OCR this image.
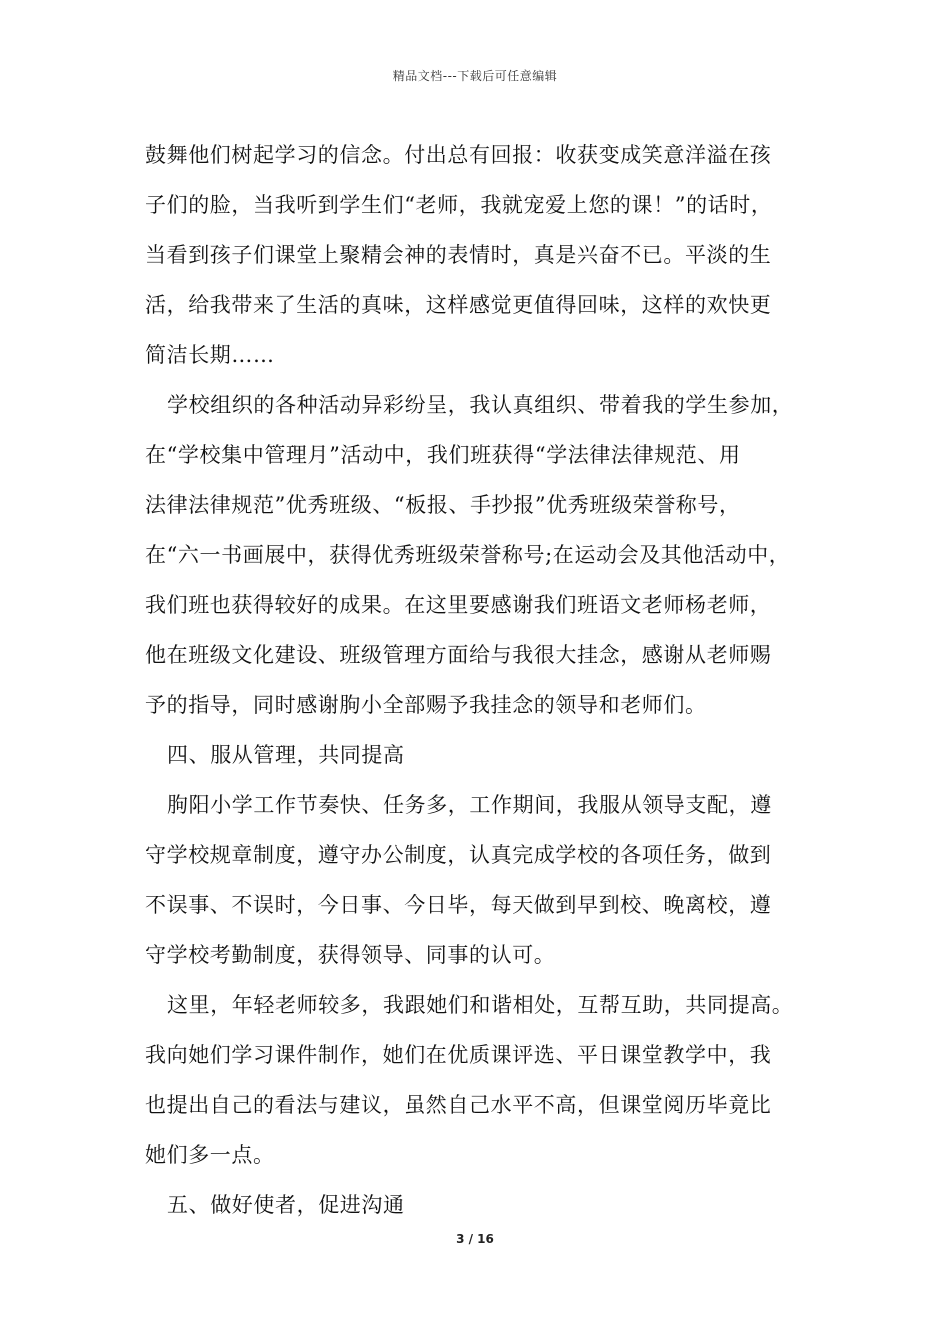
精品文档---下载后可任意编辑

鼓舞他们树起学习的信念。付出总有回报：收获变成笑意洋溢在孩

子们的脸，当我听到学生们“老师，我就宠爱上您的课！”的话时，

当看到孩子们课堂上聚精会神的表情时，真是兴奋不已。平淡的生

活，给我带来了生活的真味，这样感觉更值得回味，这样的欢快更

简洁长期……

学校组织的各种活动异彩纷呈，我认真组织、带着我的学生参加，

在“学校集中管理月”活动中，我们班获得“学法律法律规范、用

法律法律规范”优秀班级、“板报、手抄报”优秀班级荣誉称号，

在“六一书画展中，获得优秀班级荣誉称号;在运动会及其他活动中，

我们班也获得较好的成果。在这里要感谢我们班语文老师杨老师，

他在班级文化建设、班级管理方面给与我很大挂念，感谢从老师赐

予的指导，同时感谢朐小全部赐予我挂念的领导和老师们。

四、服从管理，共同提高

朐阳小学工作节奏快、任务多，工作期间，我服从领导支配，遵

守学校规章制度，遵守办公制度，认真完成学校的各项任务，做到

不误事、不误时，今日事、今日毕，每天做到早到校、晚离校，遵

守学校考勤制度，获得领导、同事的认可。

这里，年轻老师较多，我跟她们和谐相处，互帮互助，共同提高。

我向她们学习课件制作，她们在优质课评选、平日课堂教学中，我

也提出自己的看法与建议，虽然自己水平不高，但课堂阅历毕竟比

她们多一点。

五、做好使者，促进沟通

3 / 16
